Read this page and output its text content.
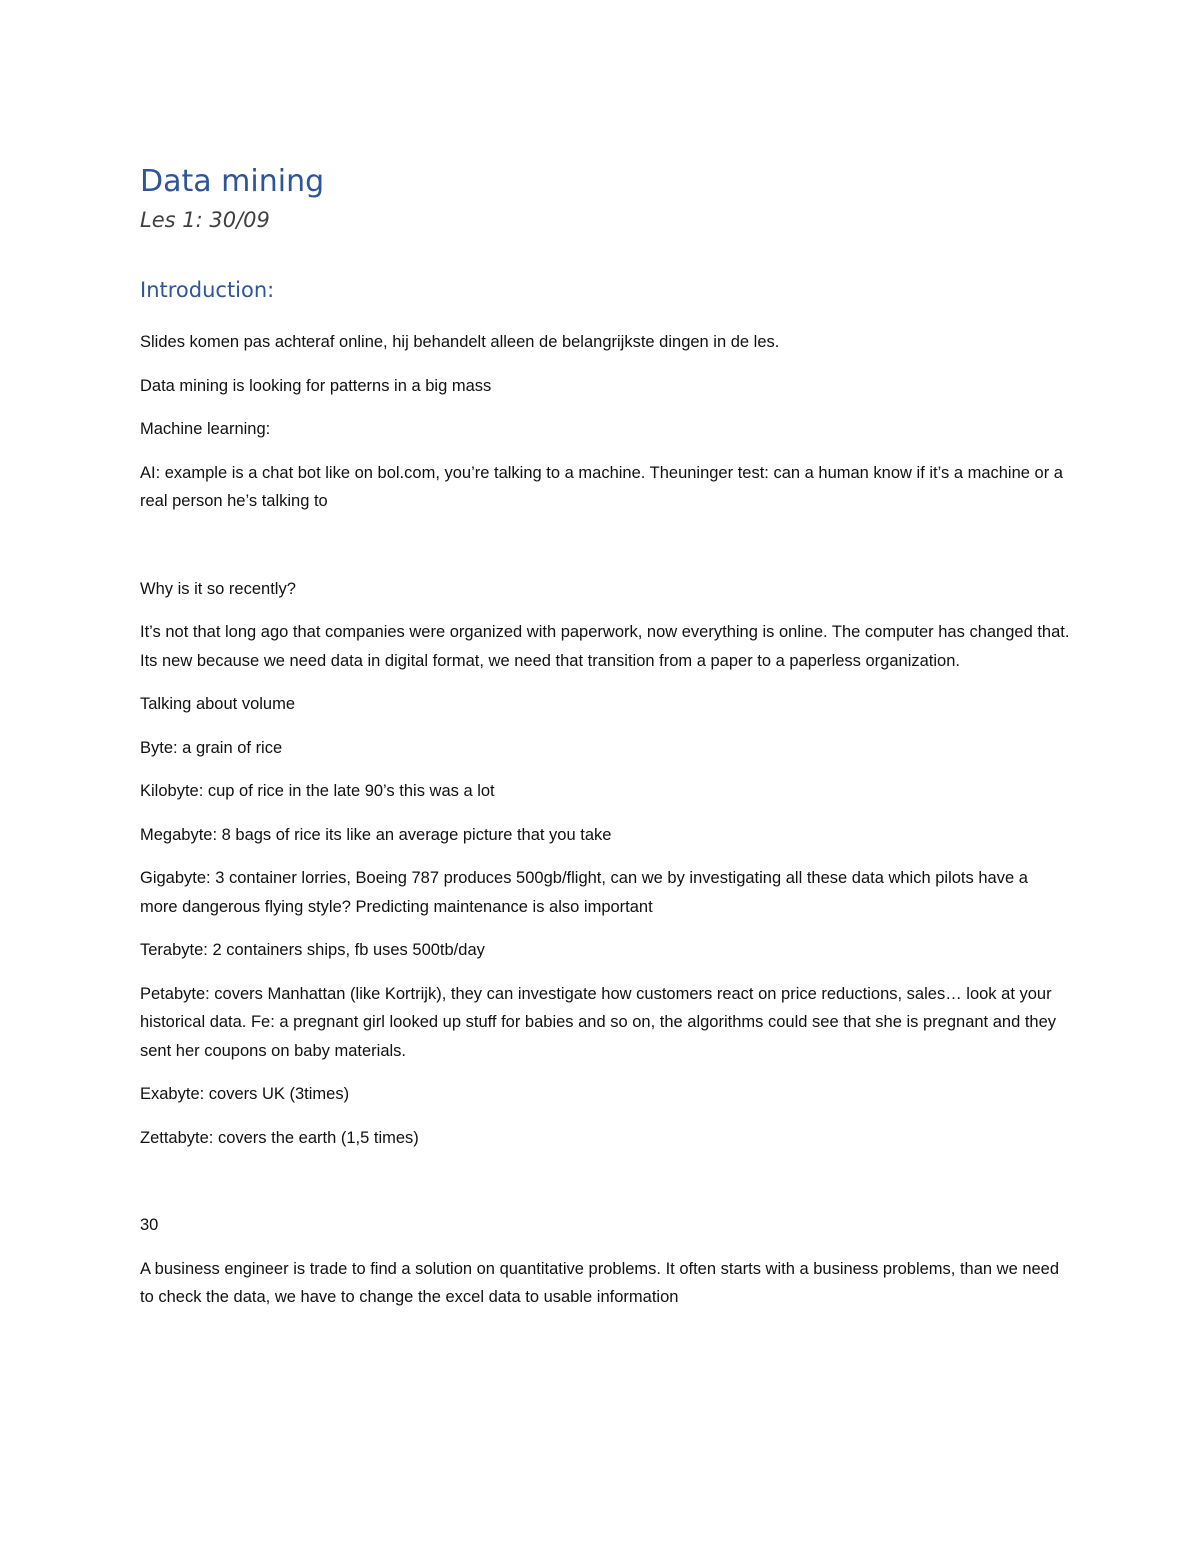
Data mining
Les 1: 30/09
Introduction:

Slides komen pas achteraf online, hij behandelt alleen de belangrijkste dingen in de les.

Data mining is looking for patterns in a big mass

Machine learning:

AI: example is a chat bot like on bol.com, you’re talking to a machine. Theuninger test: can a human know if it’s a machine or a real person he’s talking to

Why is it so recently?

It’s not that long ago that companies were organized with paperwork, now everything is online. The computer has changed that. Its new because we need data in digital format, we need that transition from a paper to a paperless organization.

Talking about volume

Byte: a grain of rice

Kilobyte: cup of rice in the late 90’s this was a lot

Megabyte: 8 bags of rice its like an average picture that you take

Gigabyte: 3 container lorries, Boeing 787 produces 500gb/flight, can we by investigating all these data which pilots have a more dangerous flying style? Predicting maintenance is also important

Terabyte: 2 containers ships, fb uses 500tb/day

Petabyte: covers Manhattan (like Kortrijk), they can investigate how customers react on price reductions, sales… look at your historical data. Fe: a pregnant girl looked up stuff for babies and so on, the algorithms could see that she is pregnant and they sent her coupons on baby materials.

Exabyte: covers UK (3times)

Zettabyte: covers the earth (1,5 times)

30

A business engineer is trade to find a solution on quantitative problems. It often starts with a business problems, than we need to check the data, we have to change the excel data to usable information
